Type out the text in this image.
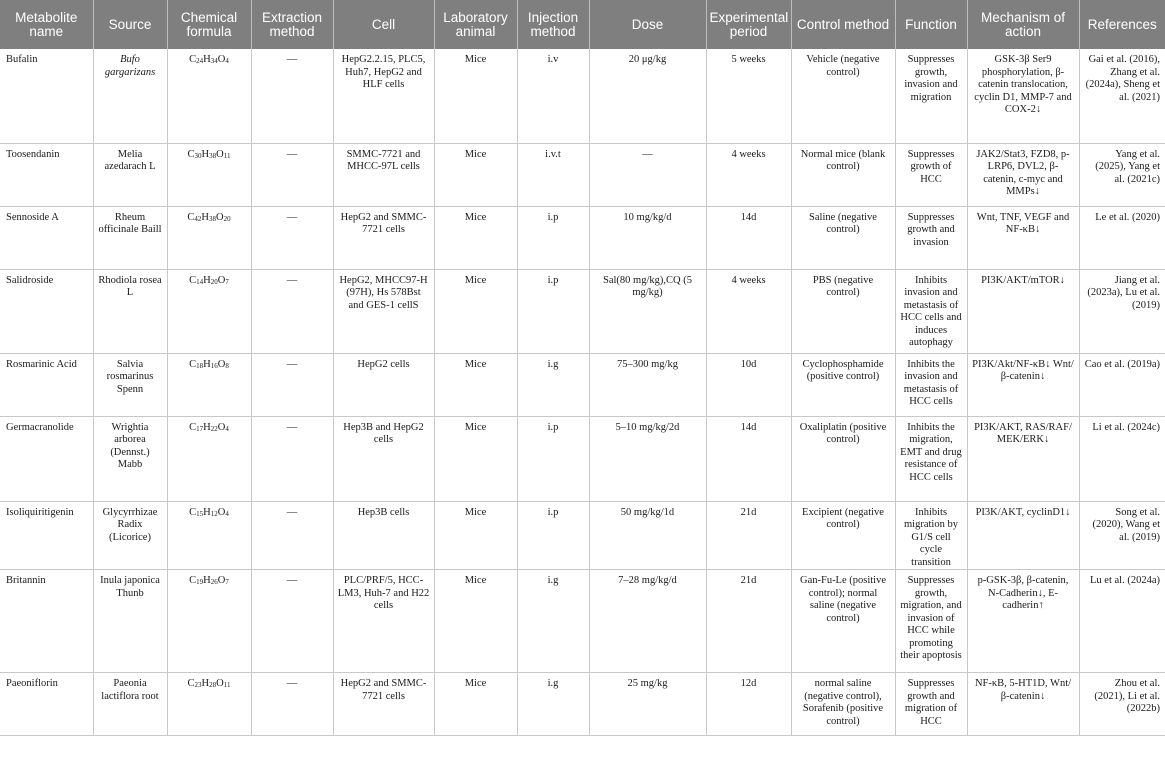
Metabolite name	Source	Chemical formula	Extraction method	Cell	Laboratory animal	Injection method	Dose	Experimental period	Control method	Function	Mechanism of action	References
Bufalin	Bufo gargarizans	$C_{24}H_{34}O_4$	—	HepG2.2.15, PLC5, Huh7, HepG2 and HLF cells	Mice	i.v	20 μg/kg	5 weeks	Vehicle (negative control)	Suppresses growth, invasion and migration	GSK-3β Ser9 phosphorylation, β-catenin translocation, cyclin D1, MMP-7 and COX-2↓	Gai et al. (2016), Zhang et al. (2024a), Sheng et al. (2021)
Toosendanin	Melia azedarach L	$C_{30}H_{38}O_{11}$	—	SMMC-7721 and MHCC-97L cells	Mice	i.v.t	—	4 weeks	Normal mice (blank control)	Suppresses growth of HCC	JAK2/Stat3, FZD8, p-LRP6, DVL2, β-catenin, c-myc and MMPs↓	Yang et al. (2025), Yang et al. (2021c)
Sennoside A	Rheum officinale Baill	$C_{42}H_{38}O_{20}$	—	HepG2 and SMMC-7721 cells	Mice	i.p	10 mg/kg/d	14d	Saline (negative control)	Suppresses growth and invasion	Wnt, TNF, VEGF and NF-κB↓	Le et al. (2020)
Salidroside	Rhodiola rosea L	$C_{14}H_{20}O_7$	—	HepG2, MHCC97-H (97H), Hs 578Bst and GES-1 cellS	Mice	i.p	Sal(80 mg/kg),CQ (5 mg/kg)	4 weeks	PBS (negative control)	Inhibits invasion and metastasis of HCC cells and induces autophagy	PI3K/AKT/mTOR↓	Jiang et al. (2023a), Lu et al. (2019)
Rosmarinic Acid	Salvia rosmarinus Spenn	$C_{18}H_{16}O_8$	—	HepG2 cells	Mice	i.g	75–300 mg/kg	10d	Cyclophosphamide (positive control)	Inhibits the invasion and metastasis of HCC cells	PI3K/Akt/NF-κB↓ Wnt/β-catenin↓	Cao et al. (2019a)
Germacranolide	Wrightia arborea (Dennst.) Mabb	$C_{17}H_{22}O_4$	—	Hep3B and HepG2 cells	Mice	i.p	5–10 mg/kg/2d	14d	Oxaliplatin (positive control)	Inhibits the migration, EMT and drug resistance of HCC cells	PI3K/AKT, RAS/RAF/ MEK/ERK↓	Li et al. (2024c)
Isoliquiritigenin	Glycyrrhizae Radix (Licorice)	$C_{15}H_{12}O_4$	—	Hep3B cells	Mice	i.p	50 mg/kg/1d	21d	Excipient (negative control)	Inhibits migration by G1/S cell cycle transition	PI3K/AKT, cyclinD1↓	Song et al. (2020), Wang et al. (2019)
Britannin	Inula japonica Thunb	$C_{19}H_{26}O_7$	—	PLC/PRF/5, HCC-LM3, Huh-7 and H22 cells	Mice	i.g	7–28 mg/kg/d	21d	Gan-Fu-Le (positive control); normal saline (negative control)	Suppresses growth, migration, and invasion of HCC while promoting their apoptosis	p-GSK-3β, β-catenin, N-Cadherin↓, E-cadherin↑	Lu et al. (2024a)
Paeoniflorin	Paeonia lactiflora root	$C_{23}H_{28}O_{11}$	—	HepG2 and SMMC-7721 cells	Mice	i.g	25 mg/kg	12d	normal saline (negative control), Sorafenib (positive control)	Suppresses growth and migration of HCC	NF-κB, 5-HT1D, Wnt/ β-catenin↓	Zhou et al. (2021), Li et al. (2022b)
